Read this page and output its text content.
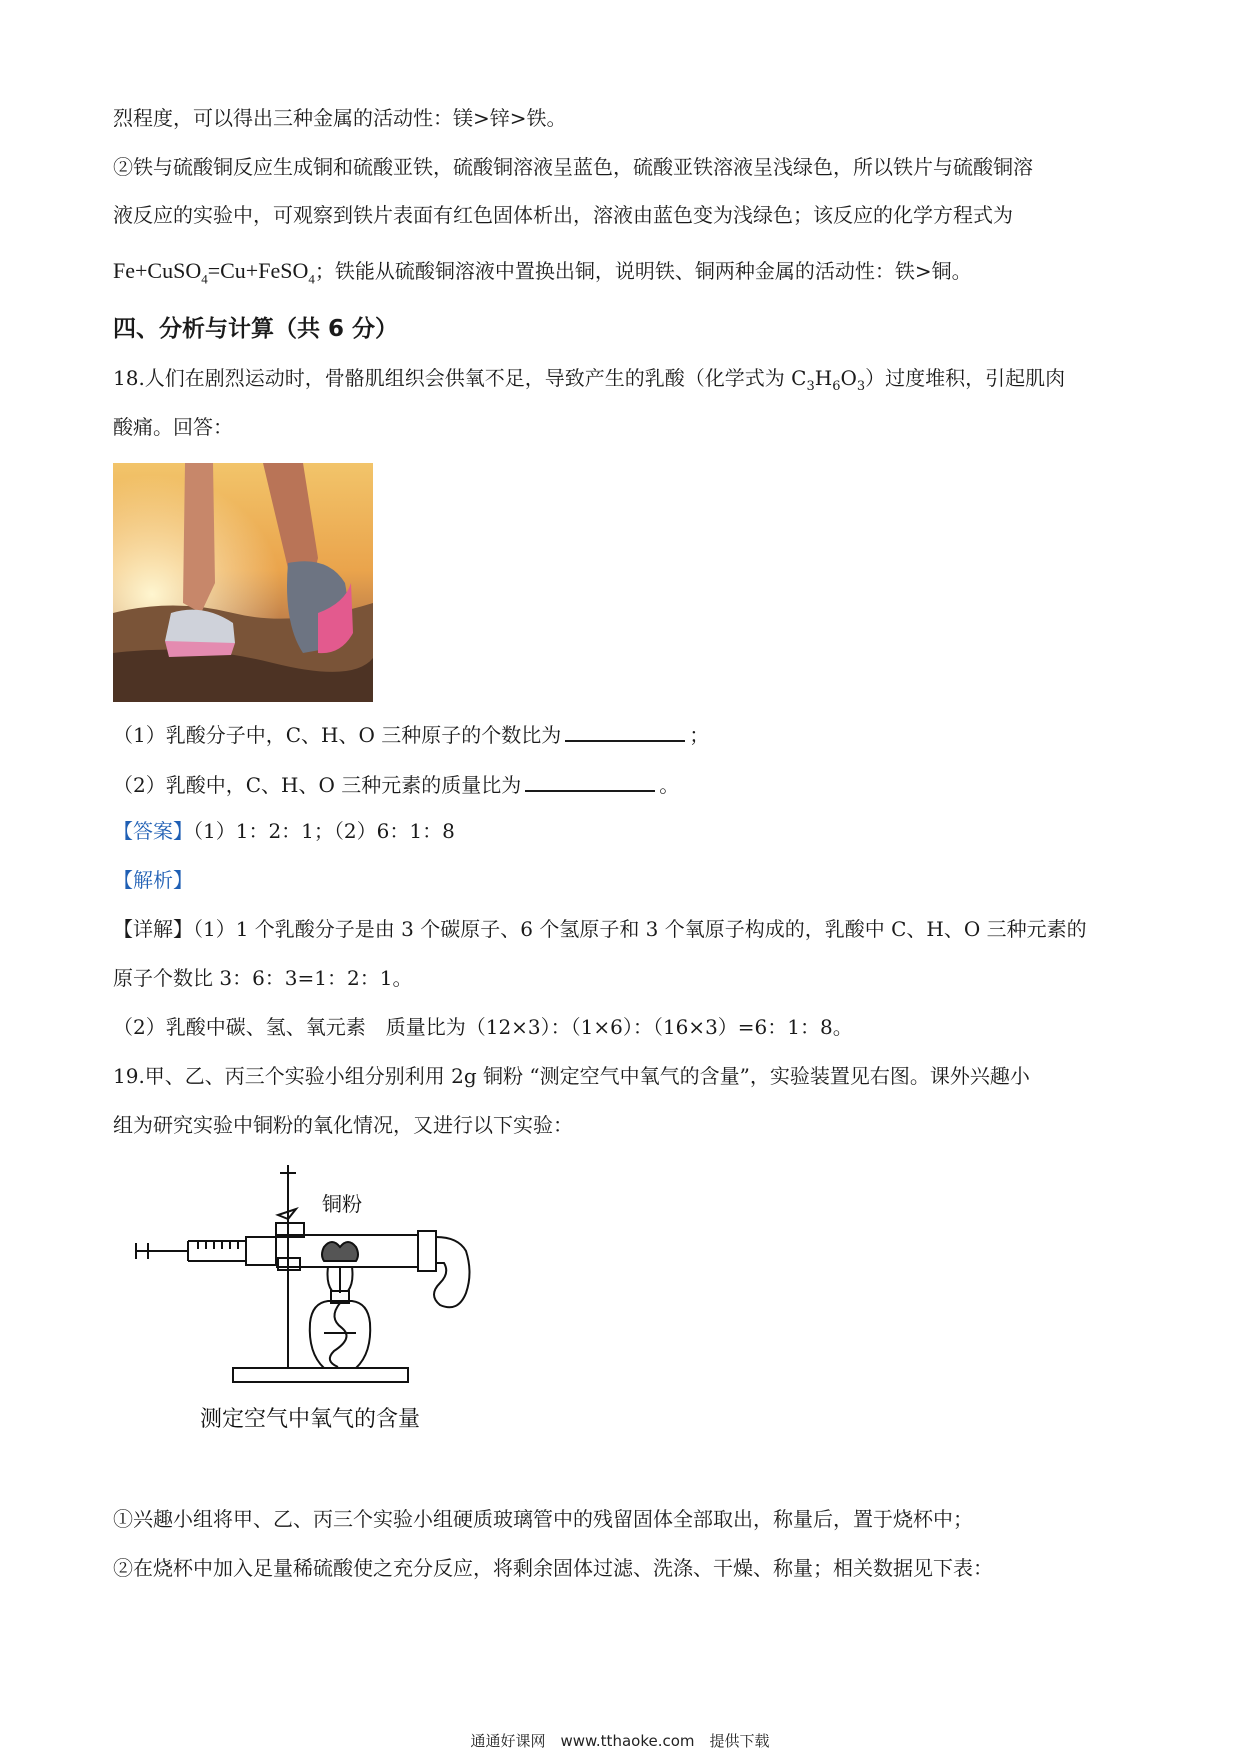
烈程度，可以得出三种金属的活动性：镁>锌>铁。
②铁与硫酸铜反应生成铜和硫酸亚铁，硫酸铜溶液呈蓝色，硫酸亚铁溶液呈浅绿色，所以铁片与硫酸铜溶
液反应的实验中，可观察到铁片表面有红色固体析出，溶液由蓝色变为浅绿色；该反应的化学方程式为
Fe+CuSO$_4$=Cu+FeSO$_4$；铁能从硫酸铜溶液中置换出铜，说明铁、铜两种金属的活动性：铁>铜。
四、分析与计算（共 6 分）
18.人们在剧烈运动时，骨骼肌组织会供氧不足，导致产生的乳酸（化学式为 $C_3H_6O_3$）过度堆积，引起肌肉
酸痛。回答：
（1）乳酸分子中，C、H、O 三种原子的个数比为	；
（2）乳酸中，C、H、O 三种元素的质量比为	。
【答案】（1）1：2：1；（2）6：1：8
【解析】
【详解】（1）1 个乳酸分子是由 3 个碳原子、6 个氢原子和 3 个氧原子构成的，乳酸中 C、H、O 三种元素的
原子个数比 3：6：3=1：2：1。
（2）乳酸中碳、氢、氧元素　质量比为（12×3）：（1×6）：（16×3）=6：1：8。
19.甲、乙、丙三个实验小组分别利用 2g 铜粉 “测定空气中氧气的含量”，实验装置见右图。课外兴趣小
组为研究实验中铜粉的氧化情况，又进行以下实验：
铜粉
测定空气中氧气的含量
①兴趣小组将甲、乙、丙三个实验小组硬质玻璃管中的残留固体全部取出，称量后，置于烧杯中；
②在烧杯中加入足量稀硫酸使之充分反应，将剩余固体过滤、洗涤、干燥、称量；相关数据见下表：
通通好课网　www.tthaoke.com　提供下载
